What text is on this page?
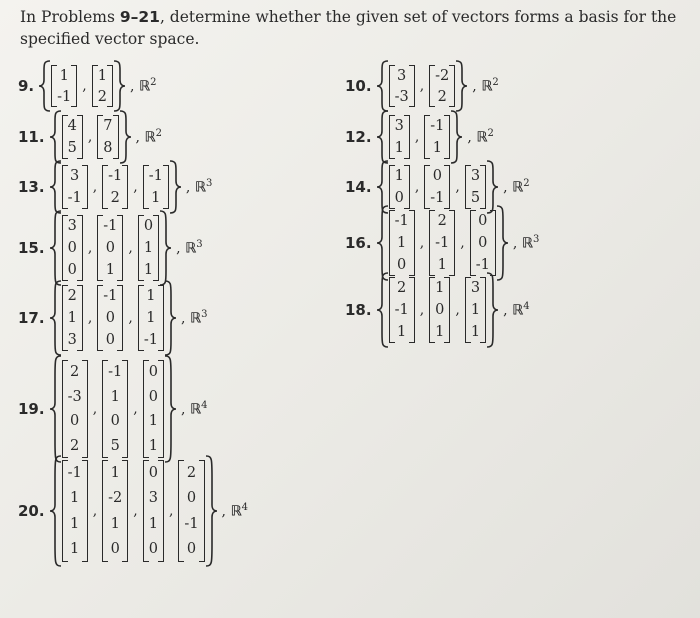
In Problems 9–21, determine whether the given set of vectors forms a basis for the specified vector space.
9.
1
-1
,
1
2
, ℝ$^2$	10.
3
-3
,
-2
2
, ℝ$^2$
11.
4
5
,
7
8
, ℝ$^2$	12.
3
1
,
-1
1
, ℝ$^2$
13.
3
-1
,
-1
2
,
-1
1
, ℝ$^3$	14.
1
0
,
0
-1
,
3
5
, ℝ$^2$
15.
3
0
0
,
-1
0
1
,
0
1
1
, ℝ$^3$	16.
-1
1
0
,
2
-1
1
,
0
0
-1
, ℝ$^3$
17.
2
1
3
,
-1
0
0
,
1
1
-1
, ℝ$^3$	18.
2
-1
1
,
1
0
1
,
3
1
1
, ℝ$^4$
19.
2
-3
0
2
,
-1
1
0
5
,
0
0
1
1
, ℝ$^4$
20.
-1
1
1
1
,
1
-2
1
0
,
0
3
1
0
,
2
0
-1
0
, ℝ$^4$
